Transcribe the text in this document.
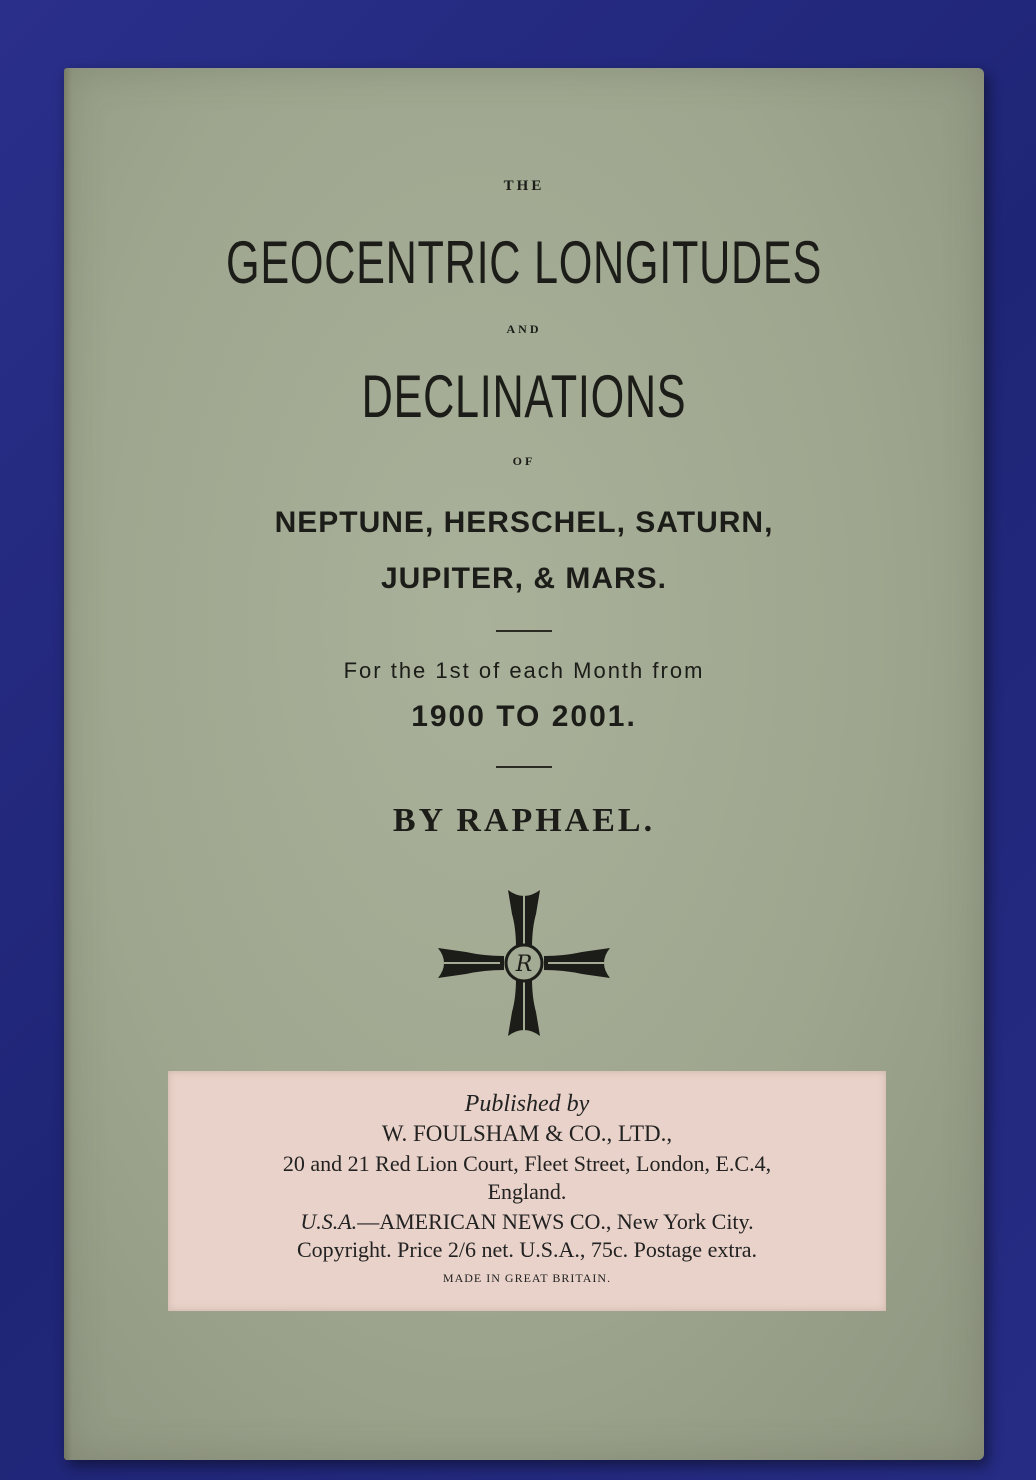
THE
GEOCENTRIC LONGITUDES
AND
DECLINATIONS
OF
NEPTUNE, HERSCHEL, SATURN,
JUPITER, & MARS.
For the 1st of each Month from
1900 TO 2001.
BY RAPHAEL.
R
Published by
W. FOULSHAM & CO., LTD.,
20 and 21 Red Lion Court, Fleet Street, London, E.C.4,
England.
U.S.A.—AMERICAN NEWS CO., New York City.
Copyright. Price 2/6 net. U.S.A., 75c. Postage extra.
MADE IN GREAT BRITAIN.
